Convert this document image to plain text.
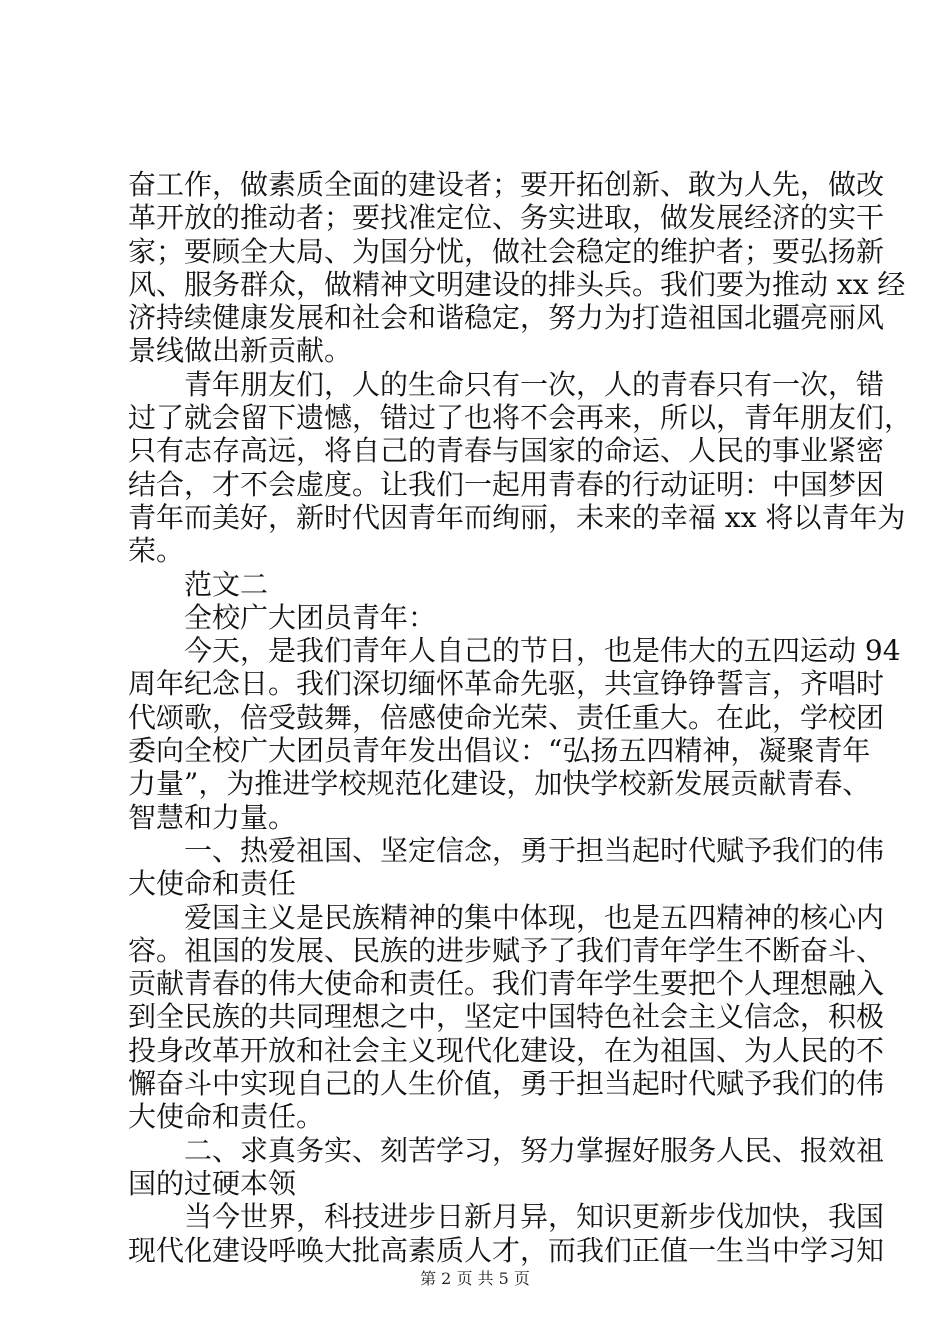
奋工作，做素质全面的建设者；要开拓创新、敢为人先，做改
革开放的推动者；要找准定位、务实进取，做发展经济的实干
家；要顾全大局、为国分忧，做社会稳定的维护者；要弘扬新
风、服务群众，做精神文明建设的排头兵。我们要为推动 xx 经
济持续健康发展和社会和谐稳定，努力为打造祖国北疆亮丽风
景线做出新贡献。
青年朋友们，人的生命只有一次，人的青春只有一次，错
过了就会留下遗憾，错过了也将不会再来，所以，青年朋友们，
只有志存高远，将自己的青春与国家的命运、人民的事业紧密
结合，才不会虚度。让我们一起用青春的行动证明：中国梦因
青年而美好，新时代因青年而绚丽，未来的幸福 xx 将以青年为
荣。
范文二
全校广大团员青年：
今天，是我们青年人自己的节日，也是伟大的五四运动 94
周年纪念日。我们深切缅怀革命先驱，共宣铮铮誓言，齐唱时
代颂歌，倍受鼓舞，倍感使命光荣、责任重大。在此，学校团
委向全校广大团员青年发出倡议：“弘扬五四精神，凝聚青年
力量”，为推进学校规范化建设，加快学校新发展贡献青春、
智慧和力量。
一、热爱祖国、坚定信念，勇于担当起时代赋予我们的伟
大使命和责任
爱国主义是民族精神的集中体现，也是五四精神的核心内
容。祖国的发展、民族的进步赋予了我们青年学生不断奋斗、
贡献青春的伟大使命和责任。我们青年学生要把个人理想融入
到全民族的共同理想之中，坚定中国特色社会主义信念，积极
投身改革开放和社会主义现代化建设，在为祖国、为人民的不
懈奋斗中实现自己的人生价值，勇于担当起时代赋予我们的伟
大使命和责任。
二、求真务实、刻苦学习，努力掌握好服务人民、报效祖
国的过硬本领
当今世界，科技进步日新月异，知识更新步伐加快，我国
现代化建设呼唤大批高素质人才，而我们正值一生当中学习知
第 2 页 共 5 页
